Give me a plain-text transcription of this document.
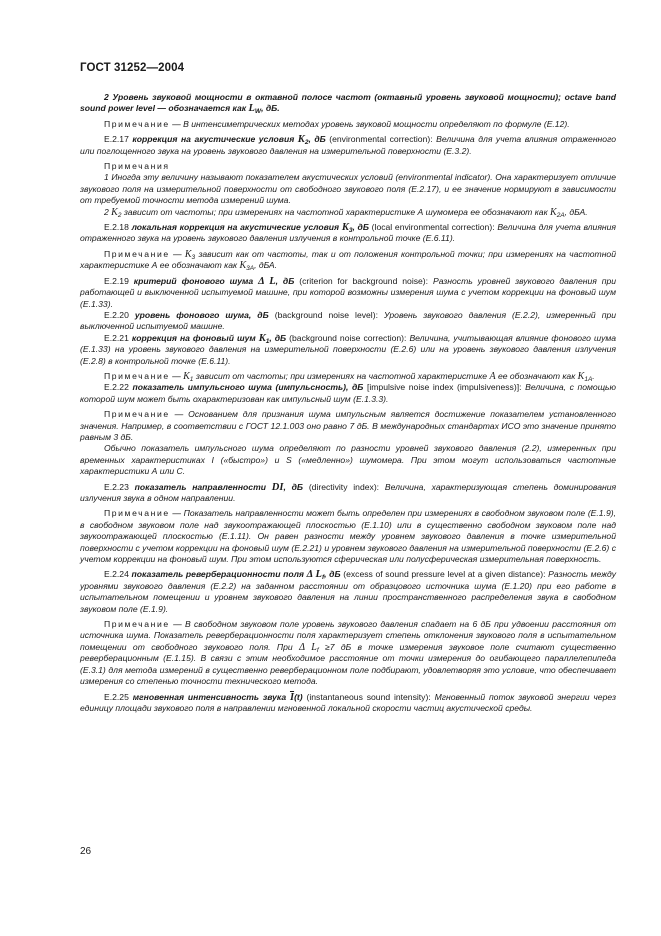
ГОСТ 31252—2004

2 Уровень звуковой мощности в октавной полосе частот (октавный уровень звуковой мощности); octave band sound power level — обозначается как $L_W$, дБ.

Примечание — В интенсиметрических методах уровень звуковой мощности определяют по формуле (Е.12).

Е.2.17 коррекция на акустические условия $K_2$, дБ (environmental correction): Величина для учета влияния отраженного или поглощенного звука на уровень звукового давления на измерительной поверхности (Е.3.2).

Примечания

1 Иногда эту величину называют показателем акустических условий (environmental indicator). Она характеризует отличие звукового поля на измерительной поверхности от свободного звукового поля (Е.2.17), и ее значение нормируют в зависимости от требуемой точности метода измерений шума.

2 $K_2$ зависит от частоты; при измерениях на частотной характеристике А шумомера ее обозначают как $K_{2A}$, дБА.

Е.2.18 локальная коррекция на акустические условия $K_3$, дБ (local environmental correction): Величина для учета влияния отраженного звука на уровень звукового давления излучения в контрольной точке (Е.6.11).

Примечание — $K_3$ зависит как от частоты, так и от положения контрольной точки; при измерениях на частотной характеристике А ее обозначают как $K_{3A}$, дБА.

Е.2.19 критерий фонового шума Δ L, дБ (criterion for background noise): Разность уровней звукового давления при работающей и выключенной испытуемой машине, при которой возможны измерения шума с учетом коррекции на фоновый шум (Е.1.33).

Е.2.20 уровень фонового шума, дБ (background noise level): Уровень звукового давления (Е.2.2), измеренный при выключенной испытуемой машине.

Е.2.21 коррекция на фоновый шум $K_1$, дБ (background noise correction): Величина, учитывающая влияние фонового шума (Е.1.33) на уровень звукового давления на измерительной поверхности (Е.2.6) или на уровень звукового давления излучения (Е.2.8) в контрольной точке (Е.6.11).

Примечание — $K_1$ зависит от частоты; при измерениях на частотной характеристике A ее обозначают как $K_{1A}$.

Е.2.22 показатель импульсного шума (импульсность), дБ [impulsive noise index (impulsiveness)]: Величина, с помощью которой шум может быть охарактеризован как импульсный шум (Е.1.3.3).

Примечание — Основанием для признания шума импульсным является достижение показателем установленного значения. Например, в соответствии с ГОСТ 12.1.003 оно равно 7 дБ. В международных стандартах ИСО это значение принято равным 3 дБ.

Обычно показатель импульсного шума определяют по разности уровней звукового давления (2.2), измеренных при временных характеристиках I («быстро») и S («медленно») шумомера. При этом могут использоваться частотные характеристики А или С.

Е.2.23 показатель направленности DI, дБ (directivity index): Величина, характеризующая степень доминирования излучения звука в одном направлении.

Примечание — Показатель направленности может быть определен при измерениях в свободном звуковом поле (Е.1.9), в свободном звуковом поле над звукоотражающей плоскостью (Е.1.10) или в существенно свободном звуковом поле над звукоотражающей плоскостью (Е.1.11). Он равен разности между уровнем звукового давления в точке измерительной поверхности с учетом коррекции на фоновый шум (Е.2.21) и уровнем звукового давления на измерительной поверхности (Е.2.6) с учетом коррекции на фоновый шум. При этом используются сферическая или полусферическая измерительная поверхность.

Е.2.24 показатель реверберационности поля Δ $L_f$, дБ (excess of sound pressure level at a given distance): Разность между уровнями звукового давления (Е.2.2) на заданном расстоянии от образцового источника шума (Е.1.20) при его работе в испытательном помещении и уровнем звукового давления на линии пространственного распределения звука в свободном звуковом поле (Е.1.9).

Примечание — В свободном звуковом поле уровень звукового давления спадает на 6 дБ при удвоении расстояния от источника шума. Показатель реверберационности поля характеризует степень отклонения звукового поля в испытательном помещении от свободного звукового поля. При Δ $L_f \ge 7$ дБ в точке измерения звуковое поле считают существенно реверберационным (Е.1.15). В связи с этим необходимое расстояние от точки измерения до огибающего параллелепипеда (Е.3.1) для метода измерений в существенно реверберационном поле подбирают, удовлетворяя это условие, что обеспечивает измерения со степенью точности технического метода.

Е.2.25 мгновенная интенсивность звука $\overline{I}(t)$ (instantaneous sound intensity): Мгновенный поток звуковой энергии через единицу площади звукового поля в направлении мгновенной локальной скорости частиц акустической среды.

26
